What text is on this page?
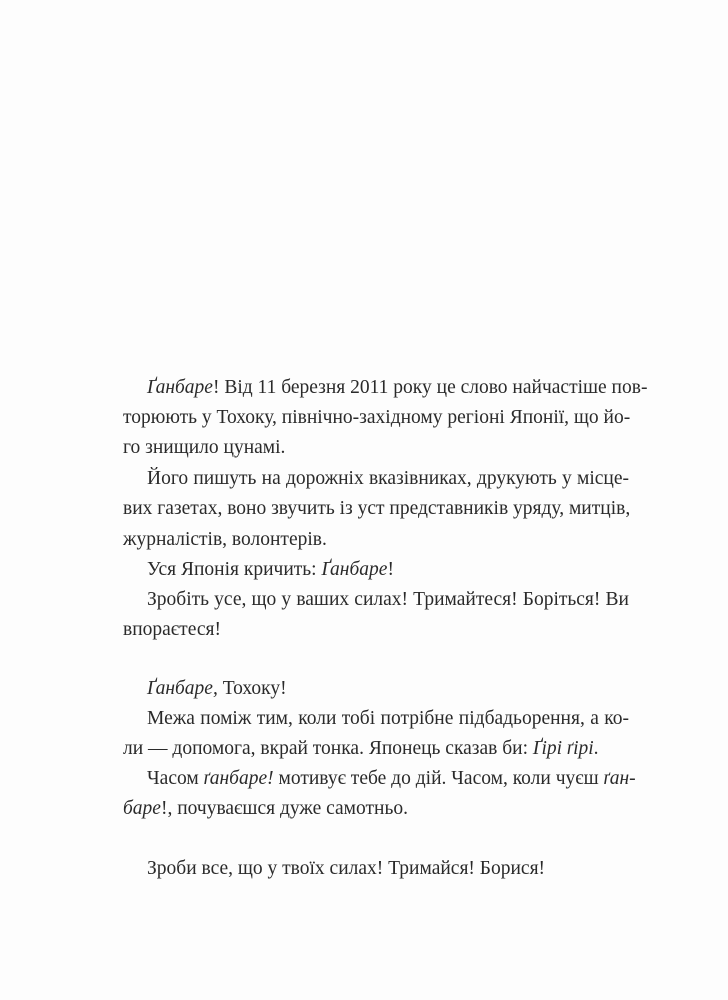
Ґанбаре! Від 11 березня 2011 року це слово найчастіше пов-
торюють у Тохоку, північно-західному регіоні Японії, що йо-
го знищило цунамі.
Його пишуть на дорожніх вказівниках, друкують у місце-
вих газетах, воно звучить із уст представників уряду, митців,
журналістів, волонтерів.
Уся Японія кричить: Ґанбаре!
Зробіть усе, що у ваших силах! Тримайтеся! Боріться! Ви
впораєтеся!
Ґанбаре, Тохоку!
Межа поміж тим, коли тобі потрібне підбадьорення, а ко-
ли — допомога, вкрай тонка. Японець сказав би: Ґірі ґірі.
Часом ґанбаре! мотивує тебе до дій. Часом, коли чуєш ґан-
баре!, почуваєшся дуже самотньо.
Зроби все, що у твоїх силах! Тримайся! Борися!
